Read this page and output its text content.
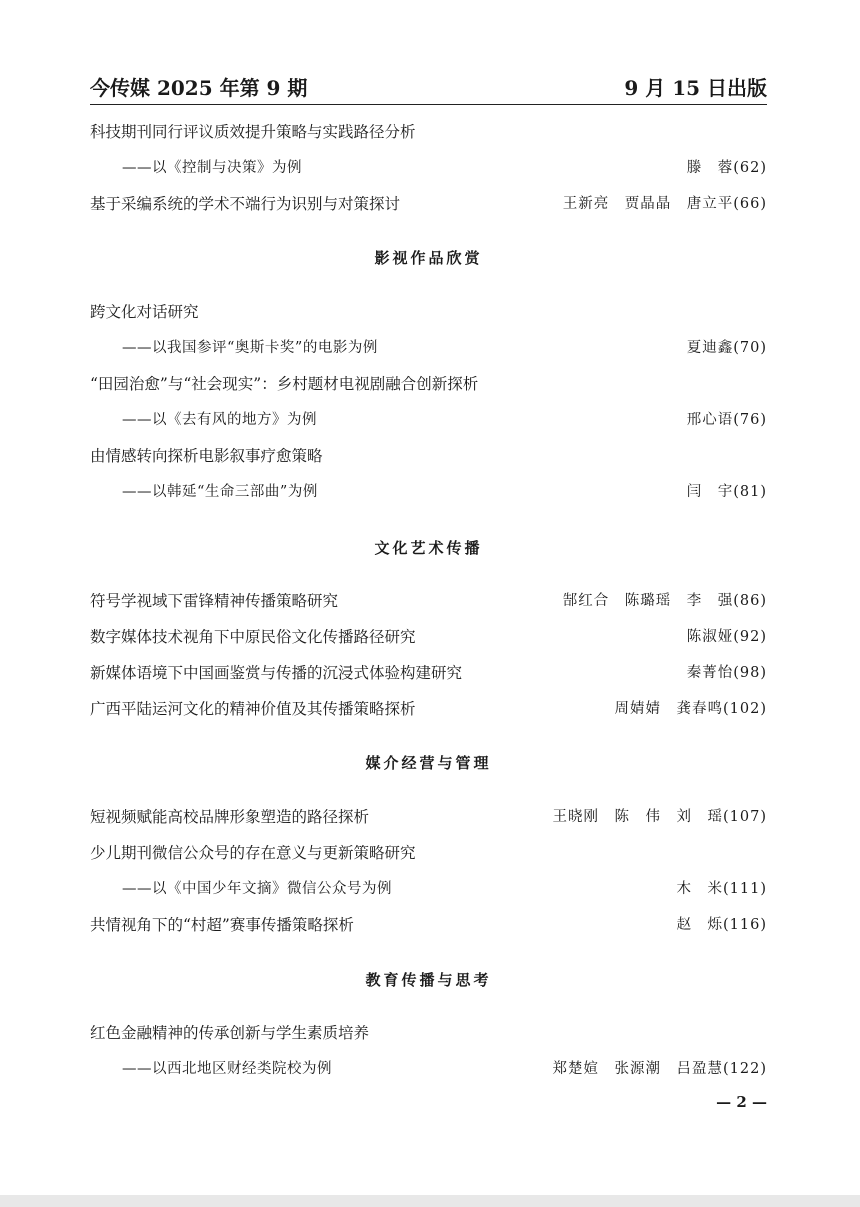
今传媒 2025 年第 9 期	9 月 15 日出版
科技期刊同行评议质效提升策略与实践路径分析
——以《控制与决策》为例	滕　蓉(62)
基于采编系统的学术不端行为识别与对策探讨	王新亮　贾晶晶　唐立平(66)
影视作品欣赏
跨文化对话研究
——以我国参评“奥斯卡奖”的电影为例	夏迪鑫(70)
“田园治愈”与“社会现实”：乡村题材电视剧融合创新探析
——以《去有风的地方》为例	邢心语(76)
由情感转向探析电影叙事疗愈策略
——以韩延“生命三部曲”为例	闫　宇(81)
文化艺术传播
符号学视域下雷锋精神传播策略研究	郜红合　陈璐瑶　李　强(86)
数字媒体技术视角下中原民俗文化传播路径研究	陈淑娅(92)
新媒体语境下中国画鉴赏与传播的沉浸式体验构建研究	秦菁怡(98)
广西平陆运河文化的精神价值及其传播策略探析	周婧婧　龚春鸣(102)
媒介经营与管理
短视频赋能高校品牌形象塑造的路径探析	王晓刚　陈　伟　刘　瑶(107)
少儿期刊微信公众号的存在意义与更新策略研究
——以《中国少年文摘》微信公众号为例	木　米(111)
共情视角下的“村超”赛事传播策略探析	赵　烁(116)
教育传播与思考
红色金融精神的传承创新与学生素质培养
——以西北地区财经类院校为例	郑楚媗　张源潮　吕盈慧(122)
— 2 —
